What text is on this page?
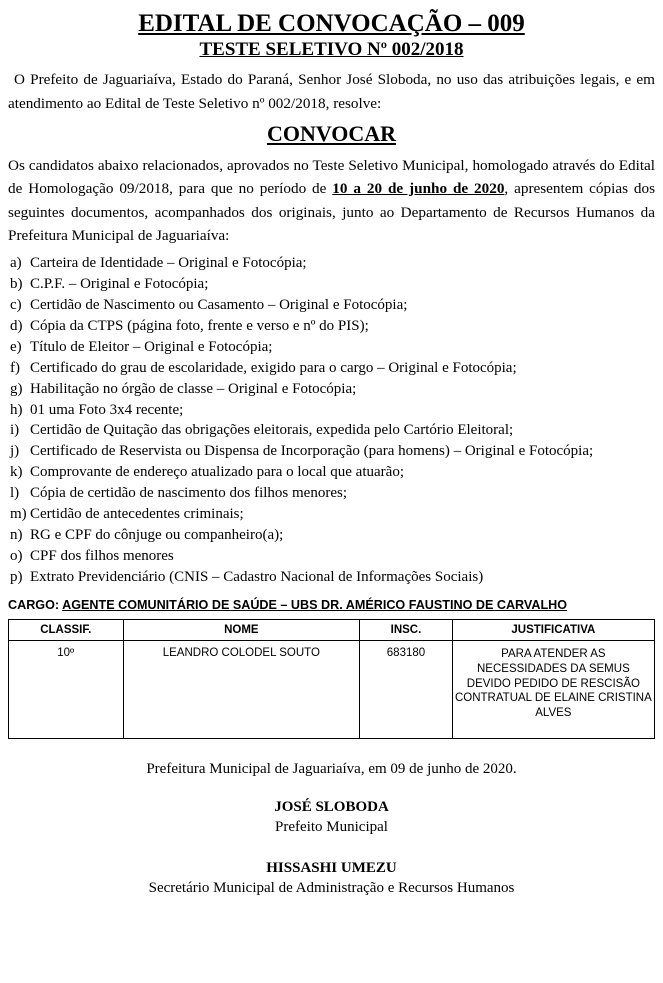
EDITAL DE CONVOCAÇÃO – 009
TESTE SELETIVO Nº 002/2018

O Prefeito de Jaguariaíva, Estado do Paraná, Senhor José Sloboda, no uso das atribuições legais, e em atendimento ao Edital de Teste Seletivo nº 002/2018, resolve:

CONVOCAR

Os candidatos abaixo relacionados, aprovados no Teste Seletivo Municipal, homologado através do Edital de Homologação 09/2018, para que no período de 10 a 20 de junho de 2020, apresentem cópias dos seguintes documentos, acompanhados dos originais, junto ao Departamento de Recursos Humanos da Prefeitura Municipal de Jaguariaíva:

a) Carteira de Identidade – Original e Fotocópia;
b) C.P.F. – Original e Fotocópia;
c) Certidão de Nascimento ou Casamento – Original e Fotocópia;
d) Cópia da CTPS (página foto, frente e verso e nº do PIS);
e) Título de Eleitor – Original e Fotocópia;
f) Certificado do grau de escolaridade, exigido para o cargo – Original e Fotocópia;
g) Habilitação no órgão de classe – Original e Fotocópia;
h) 01 uma Foto 3x4 recente;
i) Certidão de Quitação das obrigações eleitorais, expedida pelo Cartório Eleitoral;
j) Certificado de Reservista ou Dispensa de Incorporação (para homens) – Original e Fotocópia;
k) Comprovante de endereço atualizado para o local que atuarão;
l) Cópia de certidão de nascimento dos filhos menores;
m) Certidão de antecedentes criminais;
n) RG e CPF do cônjuge ou companheiro(a);
o) CPF dos filhos menores
p) Extrato Previdenciário (CNIS – Cadastro Nacional de Informações Sociais)
CARGO: AGENTE COMUNITÁRIO DE SAÚDE – UBS DR. AMÉRICO FAUSTINO DE CARVALHO
CLASSIF.	NOME	INSC.	JUSTIFICATIVA
10º	LEANDRO COLODEL SOUTO	683180	PARA ATENDER AS NECESSIDADES DA SEMUS DEVIDO PEDIDO DE RESCISÃO CONTRATUAL DE ELAINE CRISTINA ALVES
Prefeitura Municipal de Jaguariaíva, em 09 de junho de 2020.
JOSÉ SLOBODA
Prefeito Municipal
HISSASHI UMEZU
Secretário Municipal de Administração e Recursos Humanos
